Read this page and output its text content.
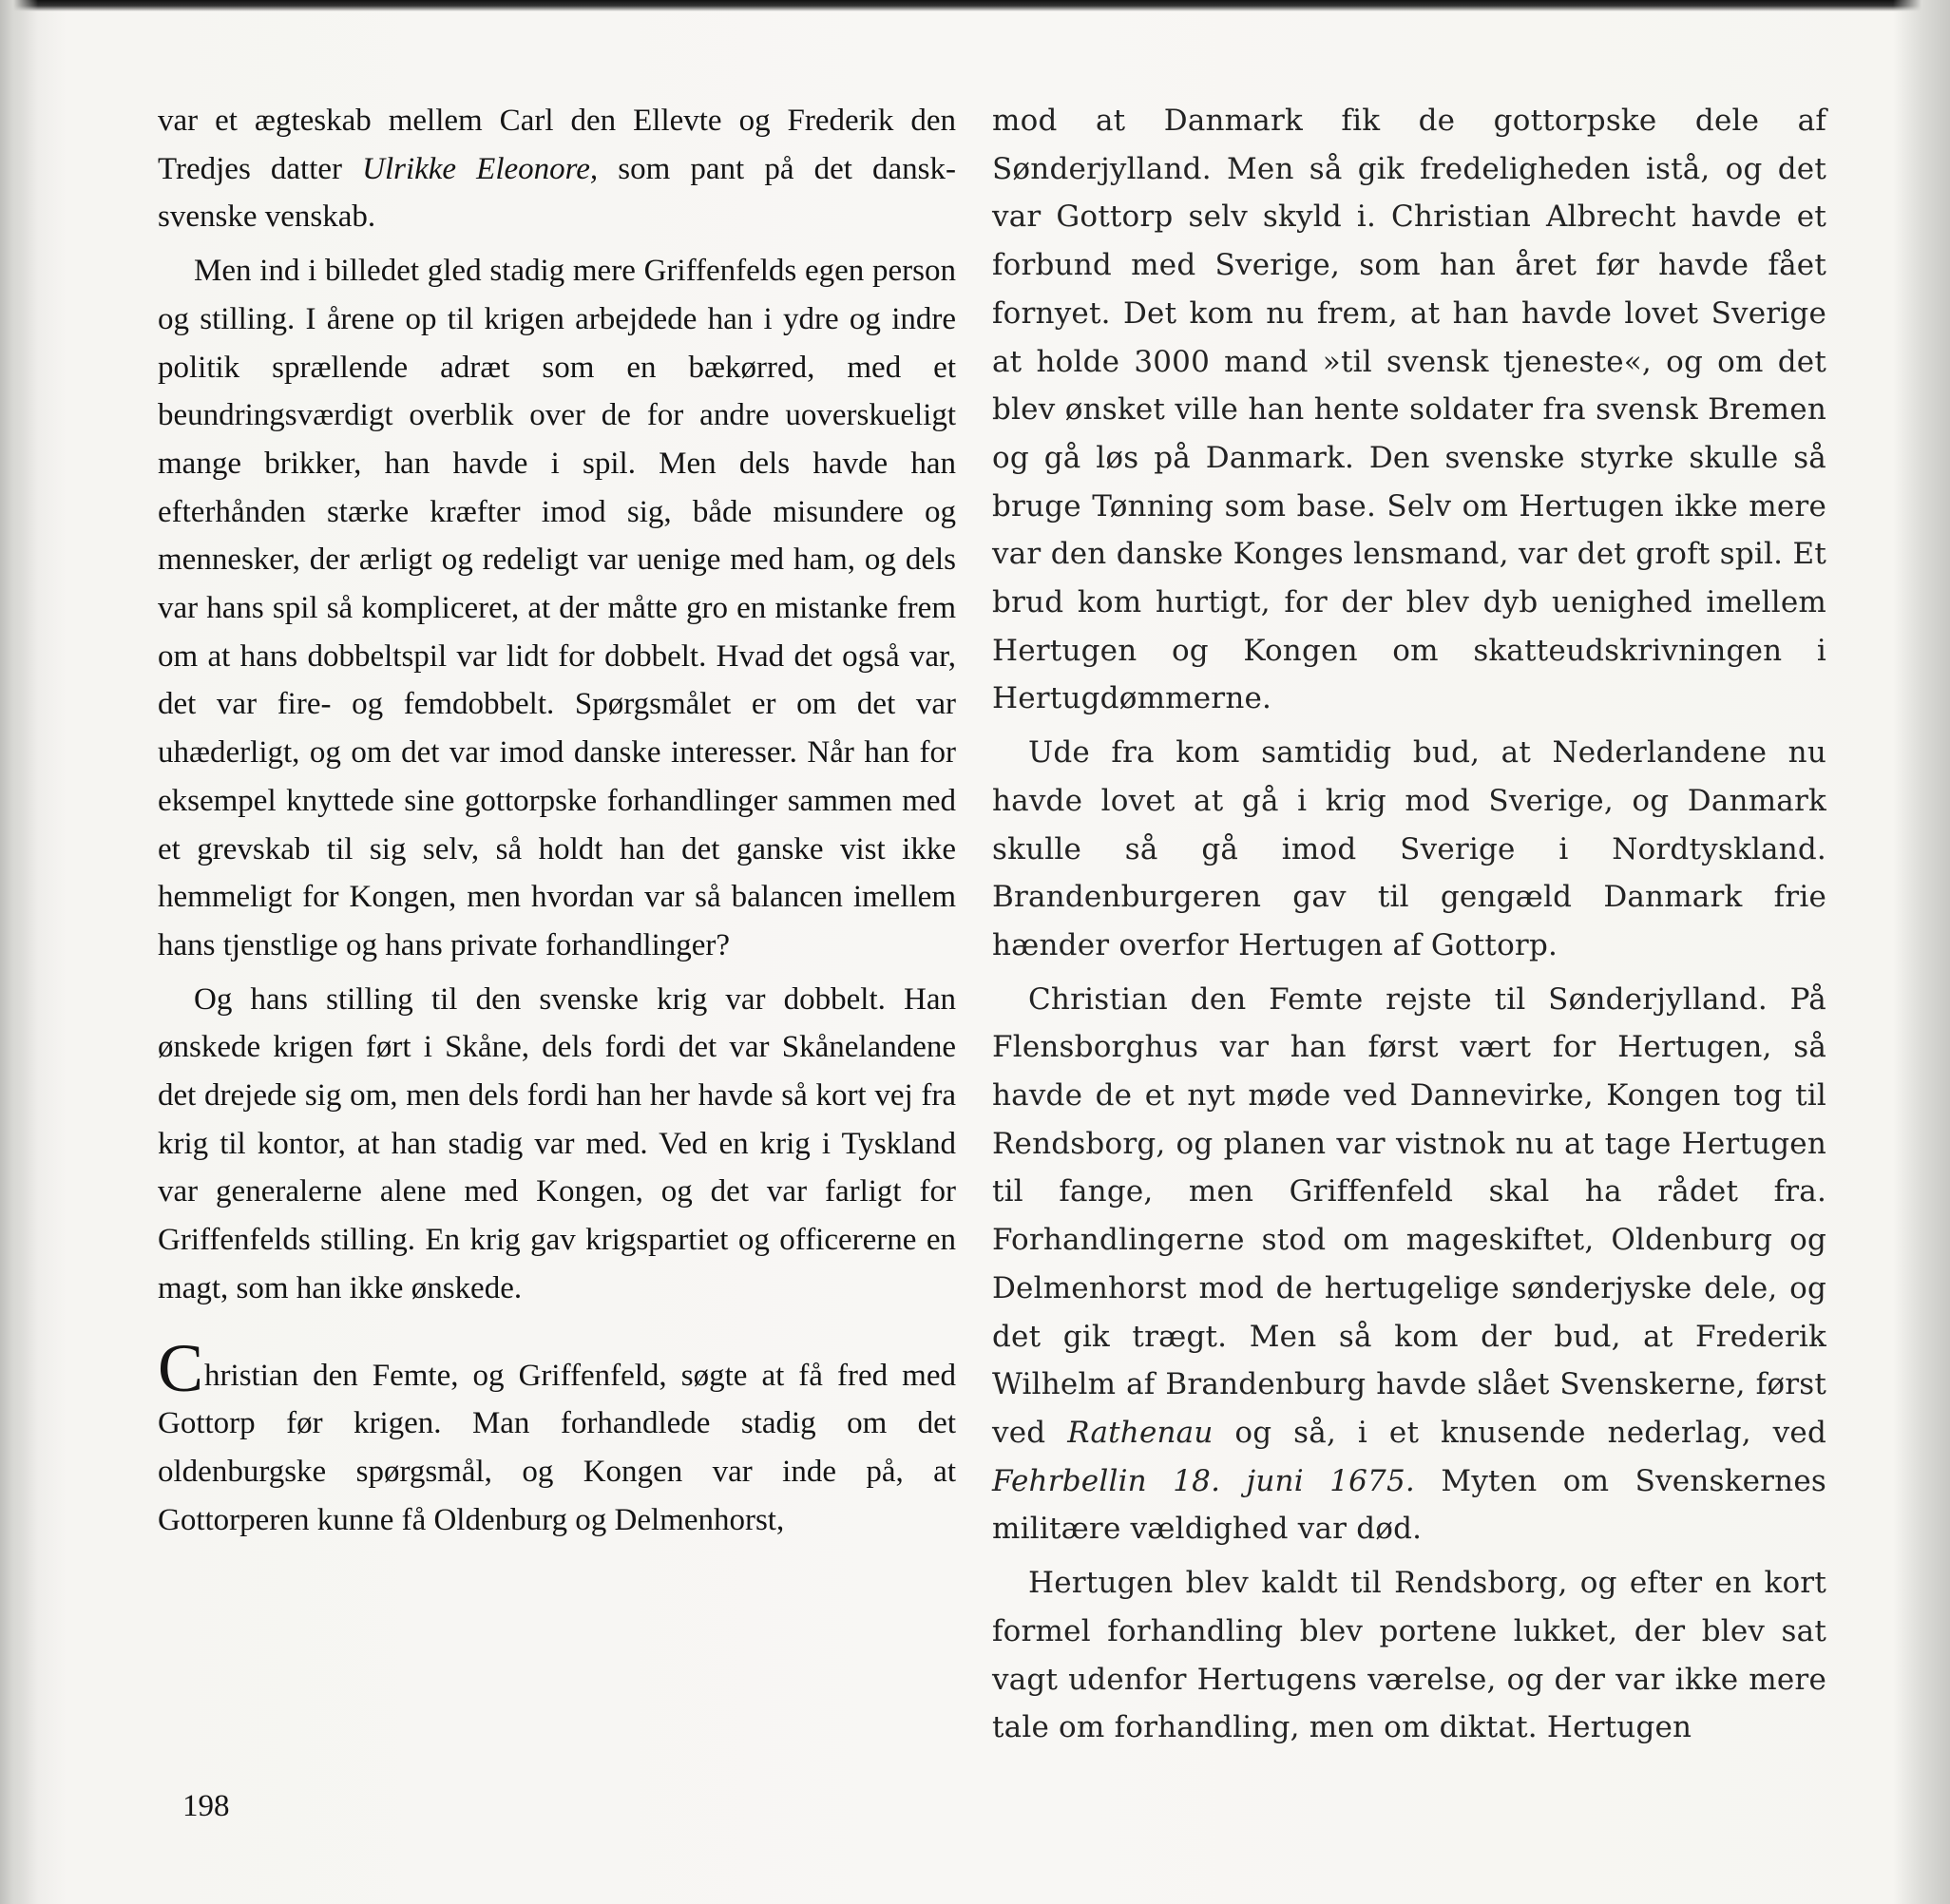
var et ægteskab mellem Carl den Ellevte og Frederik den Tredjes datter Ulrikke Eleonore, som pant på det dansk-svenske venskab.

Men ind i billedet gled stadig mere Griffenfelds egen person og stilling. I årene op til krigen arbejdede han i ydre og indre politik sprællende adræt som en bækørred, med et beundringsværdigt overblik over de for andre uoverskueligt mange brikker, han havde i spil. Men dels havde han efterhånden stærke kræfter imod sig, både misundere og mennesker, der ærligt og redeligt var uenige med ham, og dels var hans spil så kompliceret, at der måtte gro en mistanke frem om at hans dobbeltspil var lidt for dobbelt. Hvad det også var, det var fire- og femdobbelt. Spørgsmålet er om det var uhæderligt, og om det var imod danske interesser. Når han for eksempel knyttede sine gottorpske forhandlinger sammen med et grevskab til sig selv, så holdt han det ganske vist ikke hemmeligt for Kongen, men hvordan var så balancen imellem hans tjenstlige og hans private forhandlinger?

Og hans stilling til den svenske krig var dobbelt. Han ønskede krigen ført i Skåne, dels fordi det var Skånelandene det drejede sig om, men dels fordi han her havde så kort vej fra krig til kontor, at han stadig var med. Ved en krig i Tyskland var generalerne alene med Kongen, og det var farligt for Griffenfelds stilling. En krig gav krigspartiet og officererne en magt, som han ikke ønskede.

Christian den Femte, og Griffenfeld, søgte at få fred med Gottorp før krigen. Man forhandlede stadig om det oldenburgske spørgsmål, og Kongen var inde på, at Gottorperen kunne få Oldenburg og Delmenhorst,

mod at Danmark fik de gottorpske dele af Sønderjylland. Men så gik fredeligheden istå, og det var Gottorp selv skyld i. Christian Albrecht havde et forbund med Sverige, som han året før havde fået fornyet. Det kom nu frem, at han havde lovet Sverige at holde 3000 mand »til svensk tjeneste«, og om det blev ønsket ville han hente soldater fra svensk Bremen og gå løs på Danmark. Den svenske styrke skulle så bruge Tønning som base. Selv om Hertugen ikke mere var den danske Konges lensmand, var det groft spil. Et brud kom hurtigt, for der blev dyb uenighed imellem Hertugen og Kongen om skatteudskrivningen i Hertugdømmerne.

Ude fra kom samtidig bud, at Nederlandene nu havde lovet at gå i krig mod Sverige, og Danmark skulle så gå imod Sverige i Nordtyskland. Brandenburgeren gav til gengæld Danmark frie hænder overfor Hertugen af Gottorp.

Christian den Femte rejste til Sønderjylland. På Flensborghus var han først vært for Hertugen, så havde de et nyt møde ved Dannevirke, Kongen tog til Rendsborg, og planen var vistnok nu at tage Hertugen til fange, men Griffenfeld skal ha rådet fra. Forhandlingerne stod om mageskiftet, Oldenburg og Delmenhorst mod de hertugelige sønderjyske dele, og det gik trægt. Men så kom der bud, at Frederik Wilhelm af Brandenburg havde slået Svenskerne, først ved Rathenau og så, i et knusende nederlag, ved Fehrbellin 18. juni 1675. Myten om Svenskernes militære vældighed var død.

Hertugen blev kaldt til Rendsborg, og efter en kort formel forhandling blev portene lukket, der blev sat vagt udenfor Hertugens værelse, og der var ikke mere tale om forhandling, men om diktat. Hertugen

198
